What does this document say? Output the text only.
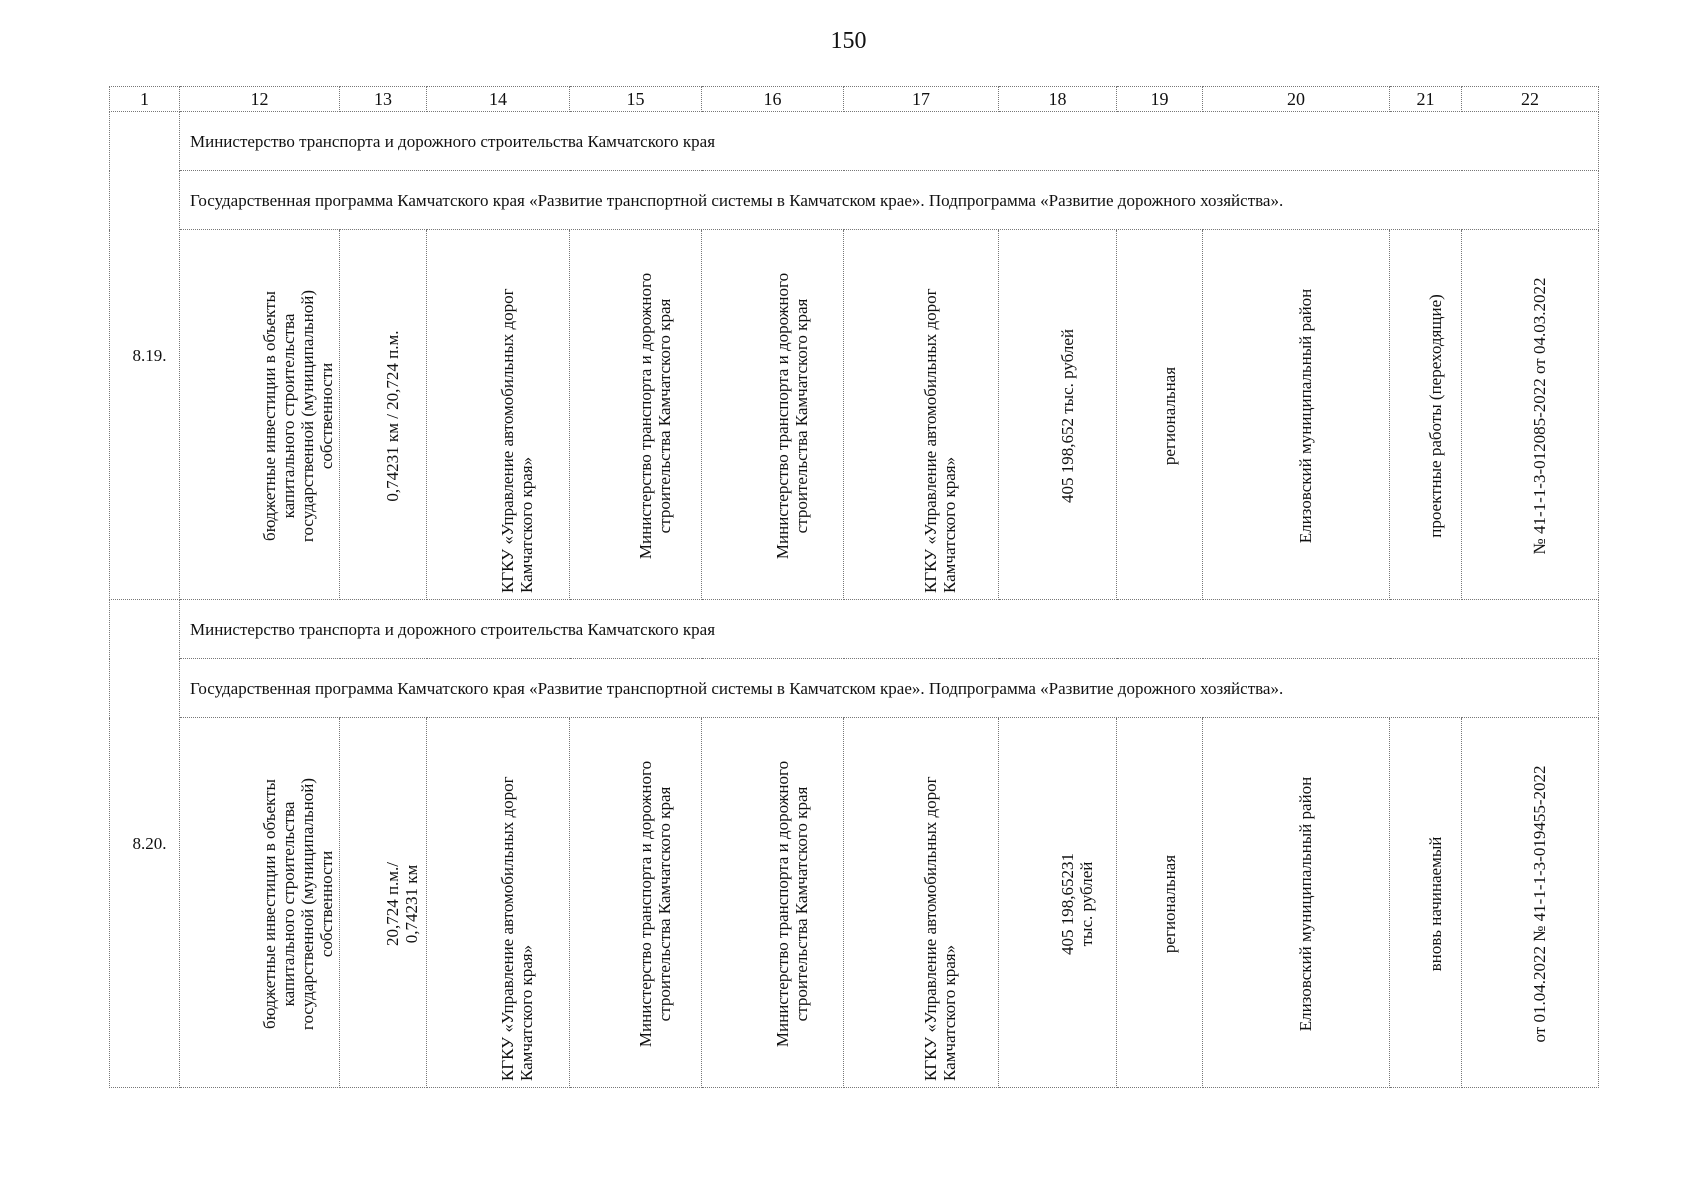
150
1	12	13	14	15	16	17	18	19	20	21	22
8.19.	Министерство транспорта и дорожного строительства Камчатского края										
	Государственная программа Камчатского края «Развитие транспортной системы в Камчатском крае». Подпрограмма «Развитие дорожного хозяйства».										

	бюджетные инвестиции в объекты
капитального строительства
государственной (муниципальной)
собственности	0,74231 км / 20,724 п.м.	КГКУ «Управление автомобильных дорог
Камчатского края»	Министерство транспорта и дорожного
строительства Камчатского края	Министерство транспорта и дорожного
строительства Камчатского края	КГКУ «Управление автомобильных дорог
Камчатского края»	405 198,652 тыс. рублей	региональная	Елизовский муниципальный район	проектные работы (переходящие)	№ 41-1-1-3-012085-2022 от 04.03.2022

8.20.	Министерство транспорта и дорожного строительства Камчатского края										
	Государственная программа Камчатского края «Развитие транспортной системы в Камчатском крае». Подпрограмма «Развитие дорожного хозяйства».										

	бюджетные инвестиции в объекты
капитального строительства
государственной (муниципальной)
собственности	20,724 п.м./
0,74231 км	КГКУ «Управление автомобильных дорог
Камчатского края»	Министерство транспорта и дорожного
строительства Камчатского края	Министерство транспорта и дорожного
строительства Камчатского края	КГКУ «Управление автомобильных дорог
Камчатского края»	405 198,65231
тыс. рублей	региональная	Елизовский муниципальный район	вновь начинаемый	от 01.04.2022 № 41-1-1-3-019455-2022
